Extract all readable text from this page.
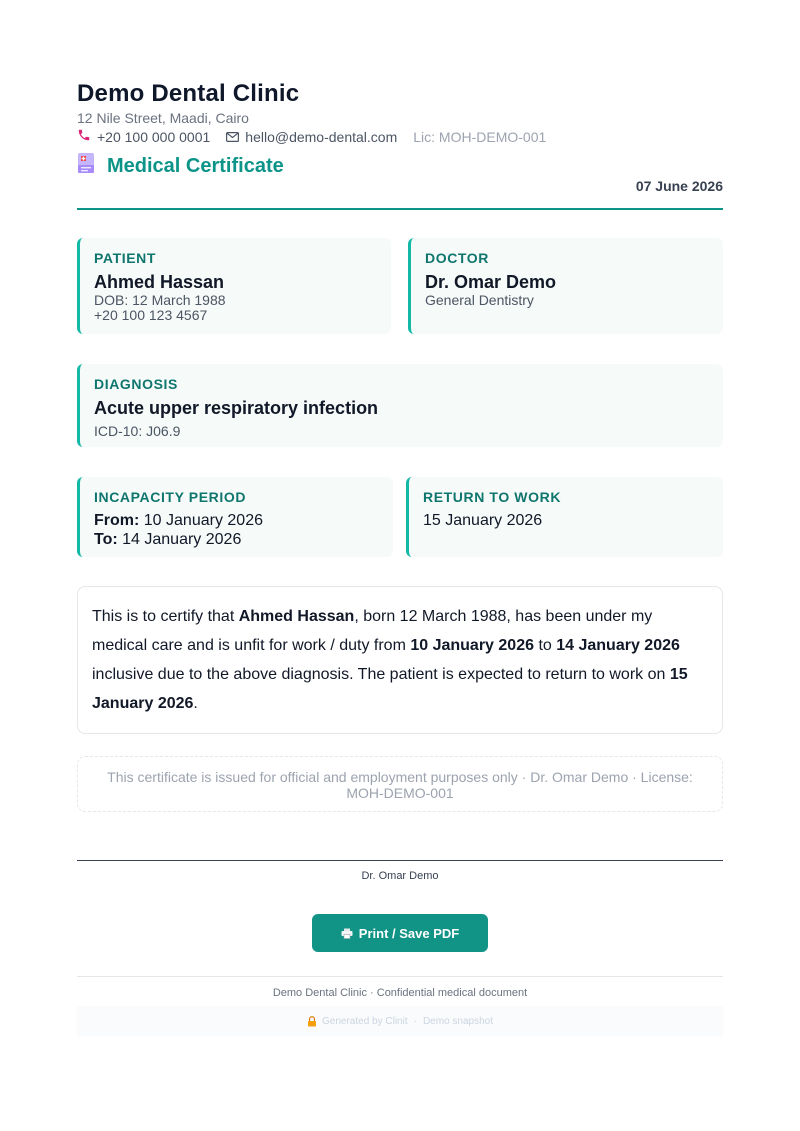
Demo Dental Clinic
12 Nile Street, Maadi, Cairo
+20 100 000 0001	hello@demo-dental.com Lic: MOH-DEMO-001
Medical Certificate
07 June 2026
PATIENT
Ahmed Hassan
DOB: 12 March 1988
+20 100 123 4567
DOCTOR
Dr. Omar Demo
General Dentistry
DIAGNOSIS
Acute upper respiratory infection
ICD-10: J06.9
INCAPACITY PERIOD
From: 10 January 2026
To: 14 January 2026
RETURN TO WORK
15 January 2026
This is to certify that Ahmed Hassan, born 12 March 1988, has been under my medical care and is unfit for work / duty from 10 January 2026 to 14 January 2026 inclusive due to the above diagnosis. The patient is expected to return to work on 15 January 2026.
This certificate is issued for official and employment purposes only · Dr. Omar Demo · License: MOH-DEMO-001
Dr. Omar Demo
Print / Save PDF
Demo Dental Clinic · Confidential medical document
Generated by Clinit · Demo snapshot
